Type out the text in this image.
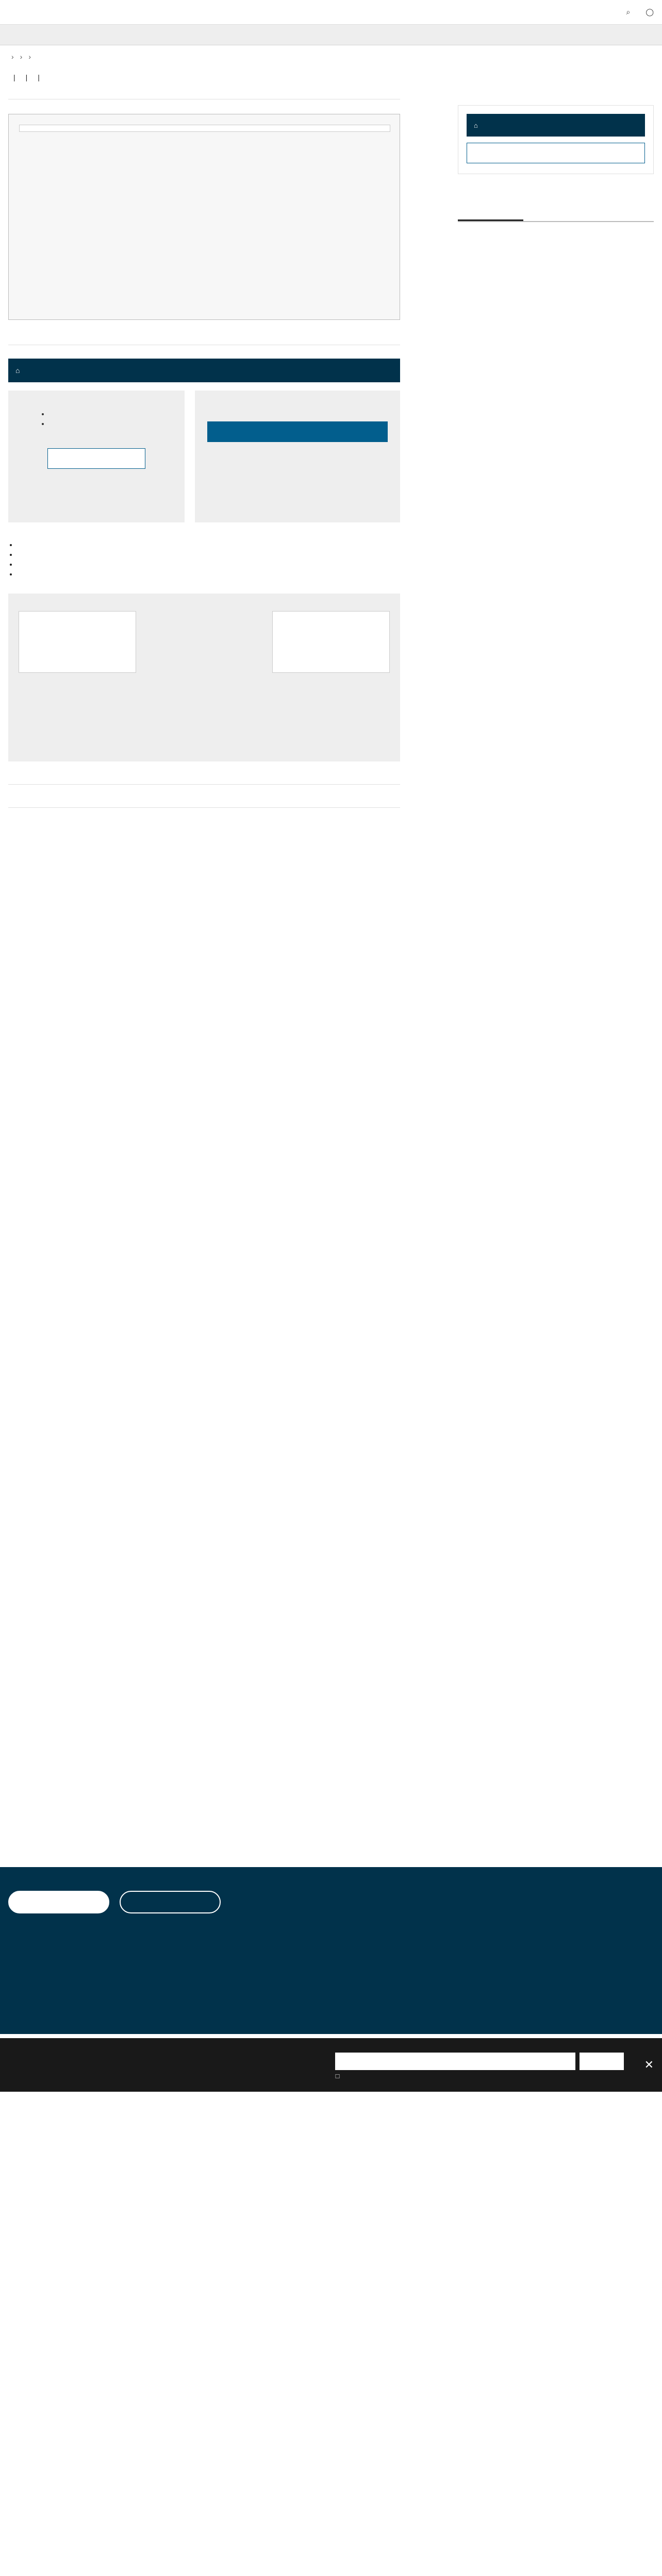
⌕ ◯
› › ›
|
|
|

⌂
•
•
•
•

⌂

☐
✕
